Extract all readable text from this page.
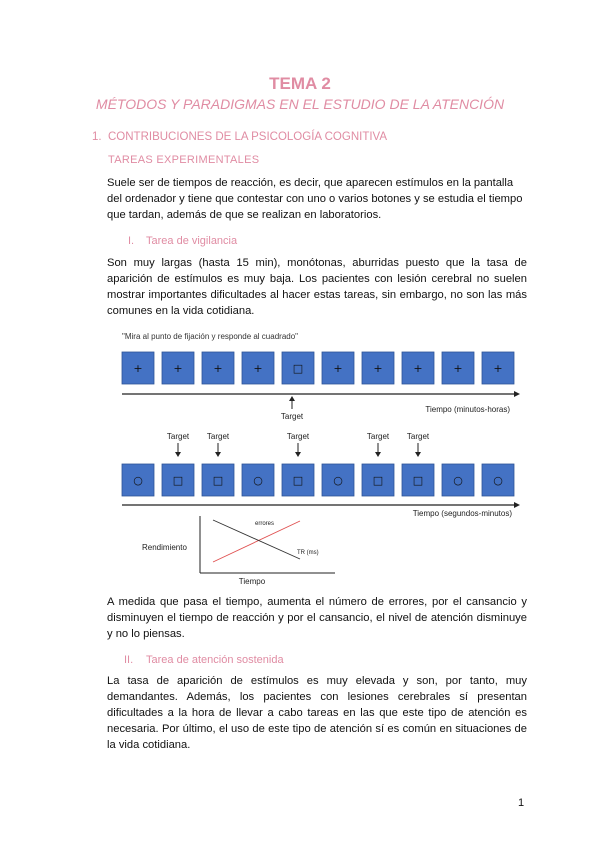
TEMA 2
MÉTODOS Y PARADIGMAS EN EL ESTUDIO DE LA ATENCIÓN
1. CONTRIBUCIONES DE LA PSICOLOGÍA COGNITIVA
TAREAS EXPERIMENTALES
Suele ser de tiempos de reacción, es decir, que aparecen estímulos en la pantalla del ordenador y tiene que contestar con uno o varios botones y se estudia el tiempo que tardan, además de que se realizan en laboratorios.
I. Tarea de vigilancia
Son muy largas (hasta 15 min), monótonas, aburridas puesto que la tasa de aparición de estímulos es muy baja. Los pacientes con lesión cerebral no suelen mostrar importantes dificultades al hacer estas tareas, sin embargo, no son las más comunes en la vida cotidiana.
"Mira al punto de fijación y responde al cuadrado"
+	+	+	+	□	+	+	+	+	+
Target
Tiempo (minutos-horas)
Target Target	Target	Target Target
○	□	□	○	□	○	□	□	○	○
Tiempo (segundos-minutos)
Rendimiento
errores
TR (ms)
Tiempo
A medida que pasa el tiempo, aumenta el número de errores, por el cansancio y disminuyen el tiempo de reacción y por el cansancio, el nivel de atención disminuye y no lo piensas.
II. Tarea de atención sostenida
La tasa de aparición de estímulos es muy elevada y son, por tanto, muy demandantes. Además, los pacientes con lesiones cerebrales sí presentan dificultades a la hora de llevar a cabo tareas en las que este tipo de atención es necesaria. Por último, el uso de este tipo de atención sí es común en situaciones de la vida cotidiana.
1
